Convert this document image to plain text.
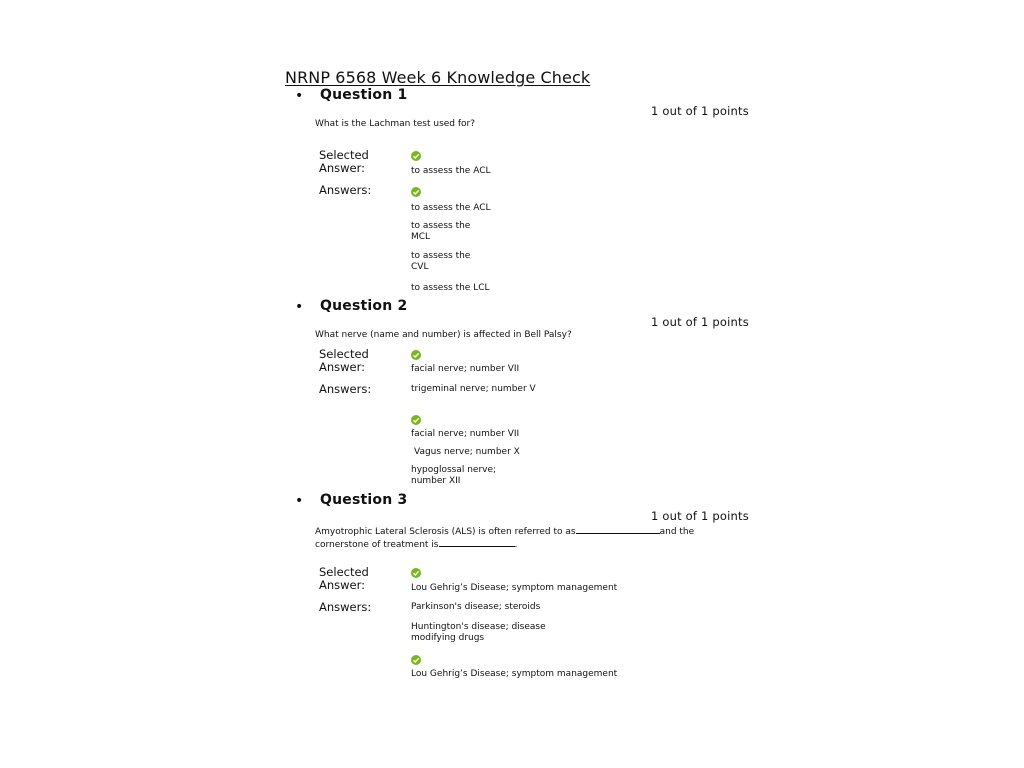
NRNP 6568 Week 6 Knowledge Check
• Question 1
1 out of 1 points
What is the Lachman test used for?
Selected Answer:	to assess the ACL
Answers:
to assess the ACL
to assess the MCL
to assess the CVL
to assess the LCL
• Question 2
1 out of 1 points
What nerve (name and number) is affected in Bell Palsy?
Selected Answer:	facial nerve; number VII
Answers:	trigeminal nerve; number V
facial nerve; number VII
Vagus nerve; number X
hypoglossal nerve; number XII
• Question 3
1 out of 1 points
Amyotrophic Lateral Sclerosis (ALS) is often referred to as	and the
cornerstone of treatment is	.
Selected Answer:	Lou Gehrig’s Disease; symptom management
Answers:	Parkinson's disease; steroids
Huntington's disease; disease modifying drugs
Lou Gehrig’s Disease; symptom management
